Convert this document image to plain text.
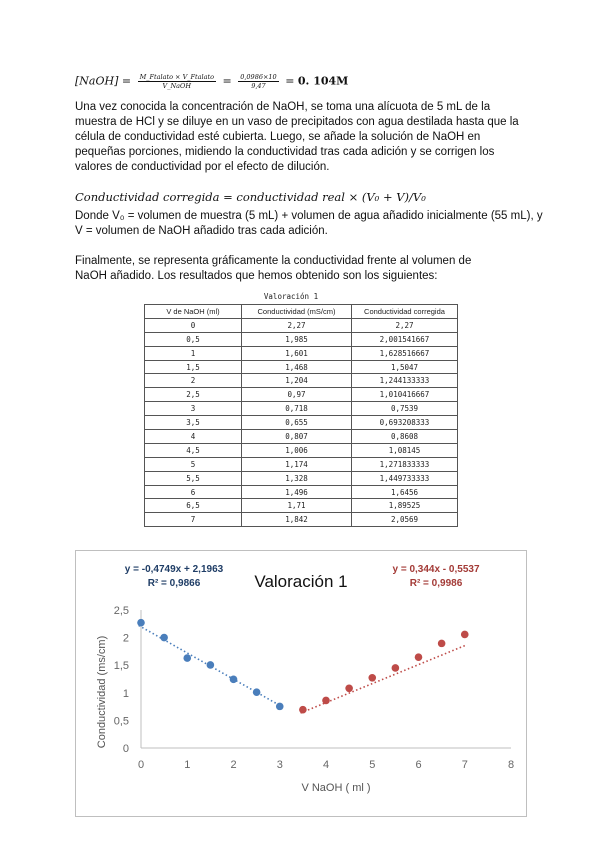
[NaOH] = $\frac{\text{M\_Ftalato × V\_Ftalato}}{\text{V\_NaOH}} = \frac{0,0986\times 10}{9,47} = 0$. 104M
Una vez conocida la concentración de NaOH, se toma una alícuota de 5 mL de la muestra de HCl y se diluye en un vaso de precipitados con agua destilada hasta que la célula de conductividad esté cubierta. Luego, se añade la solución de NaOH en pequeñas porciones, midiendo la conductividad tras cada adición y se corrigen los valores de conductividad por el efecto de dilución.
Conductividad corregida = conductividad real × (V₀ + V)/V₀
Donde V₀ = volumen de muestra (5 mL) + volumen de agua añadido inicialmente (55 mL), y
V = volumen de NaOH añadido tras cada adición.
Finalmente, se representa gráficamente la conductividad frente al volumen de NaOH añadido. Los resultados que hemos obtenido son los siguientes:
Valoración 1
V de NaOH (ml)	Conductividad (mS/cm)	Conductividad corregida
0	2,27	2,27
0,5	1,985	2,001541667
1	1,601	1,628516667
1,5	1,468	1,5047
2	1,204	1,244133333
2,5	0,97	1,010416667
3	0,718	0,7539
3,5	0,655	0,693208333
4	0,807	0,8608
4,5	1,006	1,08145
5	1,174	1,271833333
5,5	1,328	1,449733333
6	1,496	1,6456
6,5	1,71	1,89525
7	1,842	2,0569
Valoración 1
y = -0,4749x + 2,1963
R² = 0,9866
y = 0,344x - 0,5537
R² = 0,9986
Conductividad (ms/cm)
V NaOH ( ml )
0
0,5
1
1,5
2
2,5
0	1	2	3	4	5	6	7	8
